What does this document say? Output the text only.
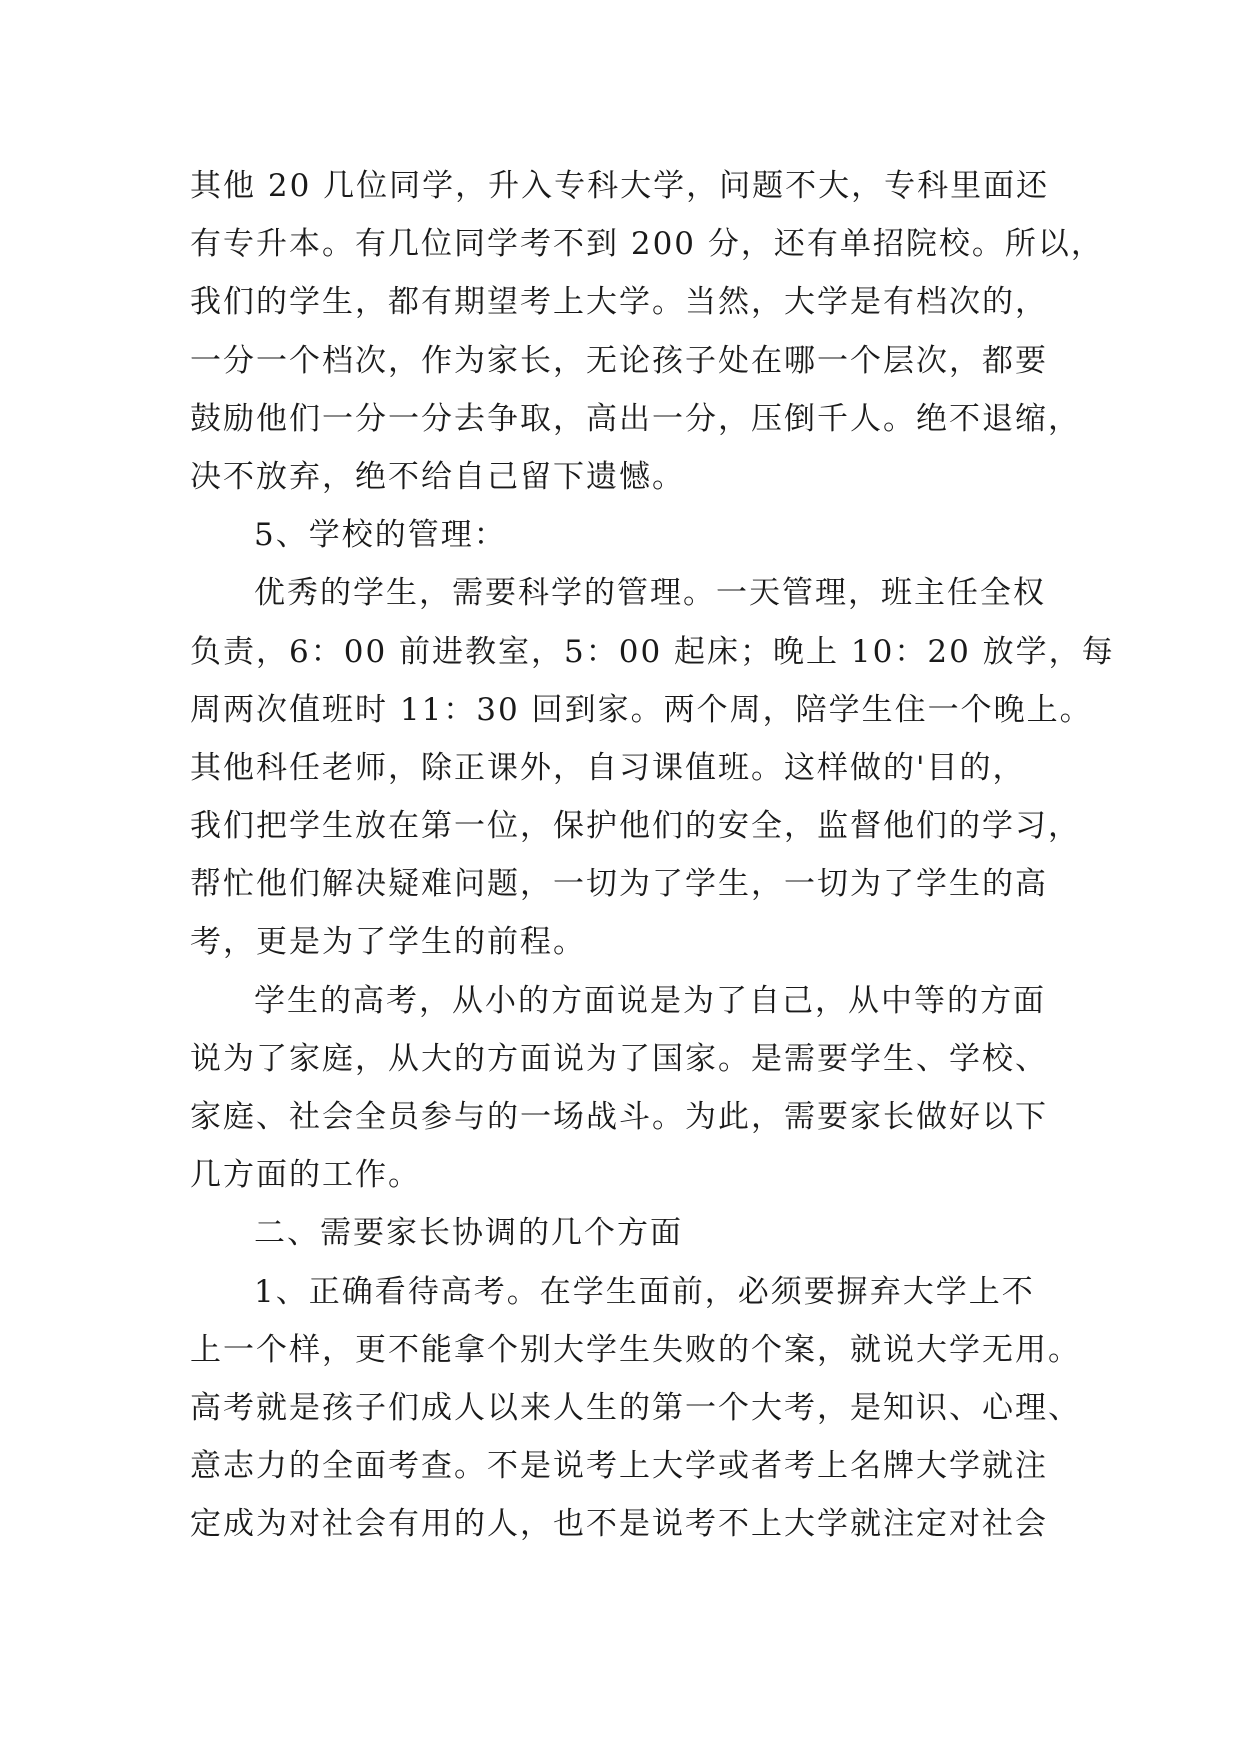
其他 20 几位同学，升入专科大学，问题不大，专科里面还
有专升本。有几位同学考不到 200 分，还有单招院校。所以，
我们的学生，都有期望考上大学。当然，大学是有档次的，
一分一个档次，作为家长，无论孩子处在哪一个层次，都要
鼓励他们一分一分去争取，高出一分，压倒千人。绝不退缩，
决不放弃，绝不给自己留下遗憾。
5、学校的管理：
优秀的学生，需要科学的管理。一天管理，班主任全权
负责，6：00 前进教室，5：00 起床；晚上 10：20 放学，每
周两次值班时 11：30 回到家。两个周，陪学生住一个晚上。
其他科任老师，除正课外，自习课值班。这样做的'目的，
我们把学生放在第一位，保护他们的安全，监督他们的学习，
帮忙他们解决疑难问题，一切为了学生，一切为了学生的高
考，更是为了学生的前程。
学生的高考，从小的方面说是为了自己，从中等的方面
说为了家庭，从大的方面说为了国家。是需要学生、学校、
家庭、社会全员参与的一场战斗。为此，需要家长做好以下
几方面的工作。
二、需要家长协调的几个方面
1、正确看待高考。在学生面前，必须要摒弃大学上不
上一个样，更不能拿个别大学生失败的个案，就说大学无用。
高考就是孩子们成人以来人生的第一个大考，是知识、心理、
意志力的全面考查。不是说考上大学或者考上名牌大学就注
定成为对社会有用的人，也不是说考不上大学就注定对社会
